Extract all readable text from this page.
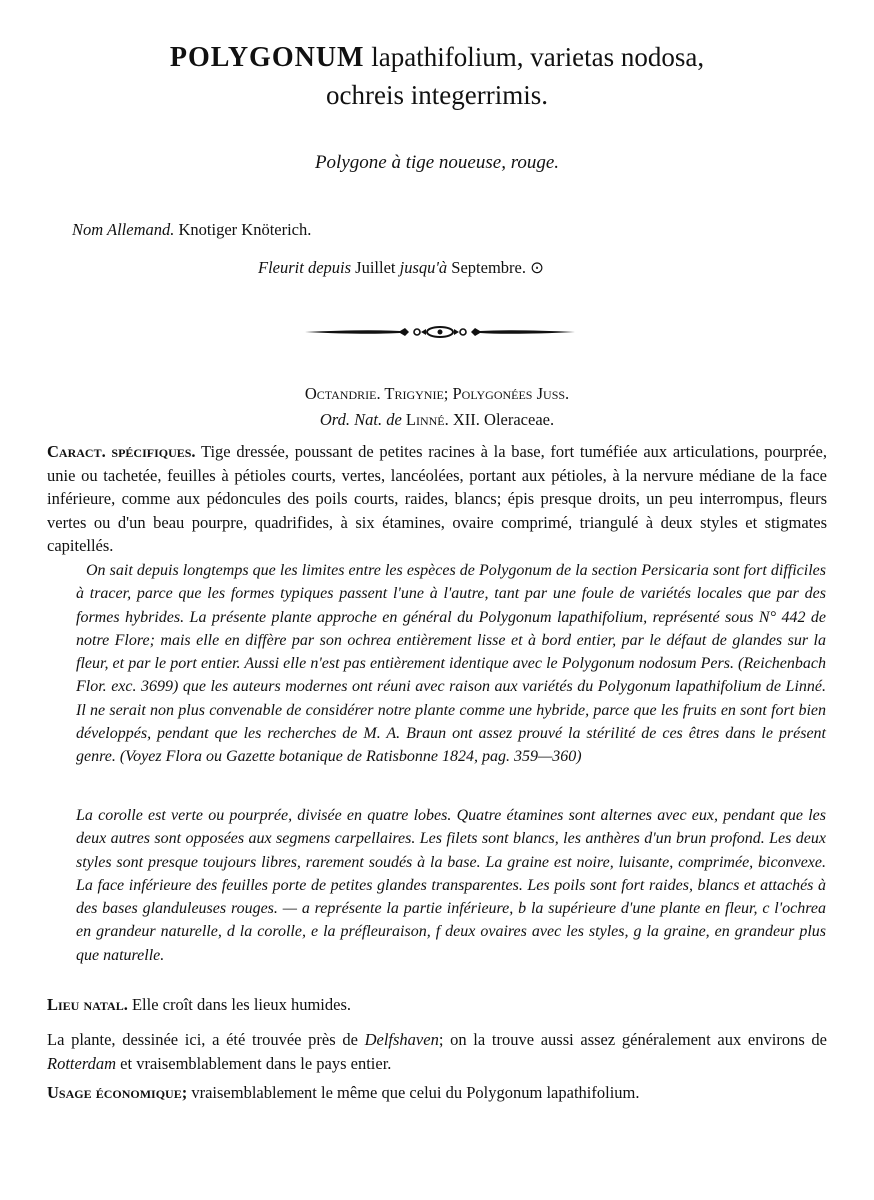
POLYGONUM lapathifolium, varietas nodosa,
ochreis integerrimis.
Polygone à tige noueuse, rouge.
Nom Allemand. Knotiger Knöterich.
Fleurit depuis Juillet jusqu'à Septembre. ⊙
Octandrie. Trigynie; Polygonées Juss.
Ord. Nat. de Linné. XII. Oleraceae.

Caract. spécifiques. Tige dressée, poussant de petites racines à la base, fort tuméfiée aux articulations, pourprée, unie ou tachetée, feuilles à pétioles courts, vertes, lancéolées, portant aux pétioles, à la nervure médiane de la face inférieure, comme aux pédoncules des poils courts, raides, blancs; épis presque droits, un peu interrompus, fleurs vertes ou d'un beau pourpre, quadrifides, à six étamines, ovaire comprimé, triangulé à deux styles et stigmates capitellés.

On sait depuis longtemps que les limites entre les espèces de Polygonum de la section Persicaria sont fort difficiles à tracer, parce que les formes typiques passent l'une à l'autre, tant par une foule de variétés locales que par des formes hybrides. La présente plante approche en général du Polygonum lapathifolium, représenté sous N° 442 de notre Flore; mais elle en diffère par son ochrea entièrement lisse et à bord entier, par le défaut de glandes sur la fleur, et par le port entier. Aussi elle n'est pas entièrement identique avec le Polygonum nodosum Pers. (Reichenbach Flor. exc. 3699) que les auteurs modernes ont réuni avec raison aux variétés du Polygonum lapathifolium de Linné. Il ne serait non plus convenable de considérer notre plante comme une hybride, parce que les fruits en sont fort bien développés, pendant que les recherches de M. A. Braun ont assez prouvé la stérilité de ces êtres dans le présent genre. (Voyez Flora ou Gazette botanique de Ratisbonne 1824, pag. 359—360)

La corolle est verte ou pourprée, divisée en quatre lobes. Quatre étamines sont alternes avec eux, pendant que les deux autres sont opposées aux segmens carpellaires. Les filets sont blancs, les anthères d'un brun profond. Les deux styles sont presque toujours libres, rarement soudés à la base. La graine est noire, luisante, comprimée, biconvexe. La face inférieure des feuilles porte de petites glandes transparentes. Les poils sont fort raides, blancs et attachés à des bases glanduleuses rouges. — a représente la partie inférieure, b la supérieure d'une plante en fleur, c l'ochrea en grandeur naturelle, d la corolle, e la préfleuraison, f deux ovaires avec les styles, g la graine, en grandeur plus que naturelle.

Lieu natal. Elle croît dans les lieux humides.

La plante, dessinée ici, a été trouvée près de Delfshaven; on la trouve aussi assez généralement aux environs de Rotterdam et vraisemblablement dans le pays entier.

Usage économique; vraisemblablement le même que celui du Polygonum lapathifolium.
